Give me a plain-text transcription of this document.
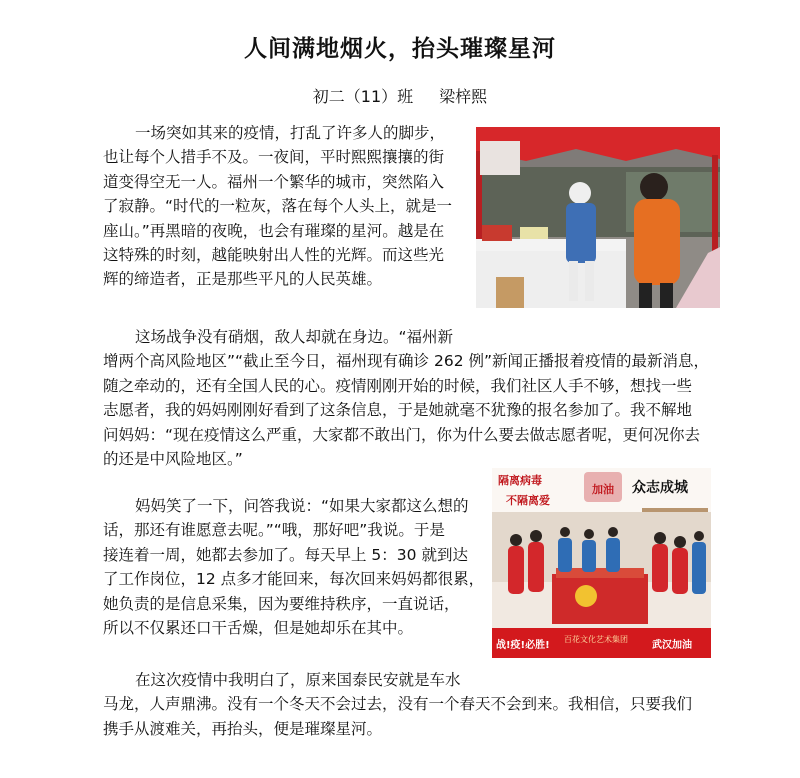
人间满地烟火，抬头璀璨星河
初二（11）班 梁梓熙
一场突如其来的疫情，打乱了许多人的脚步，
也让每个人措手不及。一夜间，平时熙熙攘攘的街
道变得空无一人。福州一个繁华的城市，突然陷入
了寂静。“时代的一粒灰，落在每个人头上，就是一
座山。”再黑暗的夜晚，也会有璀璨的星河。越是在
这特殊的时刻，越能映射出人性的光辉。而这些光
辉的缔造者，正是那些平凡的人民英雄。
这场战争没有硝烟，敌人却就在身边。“福州新
增两个高风险地区”“截止至今日，福州现有确诊 262 例”新闻正播报着疫情的最新消息，
随之牵动的，还有全国人民的心。疫情刚刚开始的时候，我们社区人手不够，想找一些
志愿者，我的妈妈刚刚好看到了这条信息，于是她就毫不犹豫的报名参加了。我不解地
问妈妈：“现在疫情这么严重，大家都不敢出门，你为什么要去做志愿者呢，更何况你去
的还是中风险地区。”
妈妈笑了一下，问答我说：“如果大家都这么想的
话，那还有谁愿意去呢。”“哦，那好吧”我说。于是
接连着一周，她都去参加了。每天早上 5：30 就到达
了工作岗位，12 点多才能回来，每次回来妈妈都很累，
她负责的是信息采集，因为要维持秩序，一直说话，
所以不仅累还口干舌燥，但是她却乐在其中。
加油
隔离病毒
不隔离爱
众志成城
战!疫!必胜!
百花文化艺术集团
武汉加油
在这次疫情中我明白了，原来国泰民安就是车水
马龙，人声鼎沸。没有一个冬天不会过去，没有一个春天不会到来。我相信，只要我们
携手从渡难关，再抬头，便是璀璨星河。
